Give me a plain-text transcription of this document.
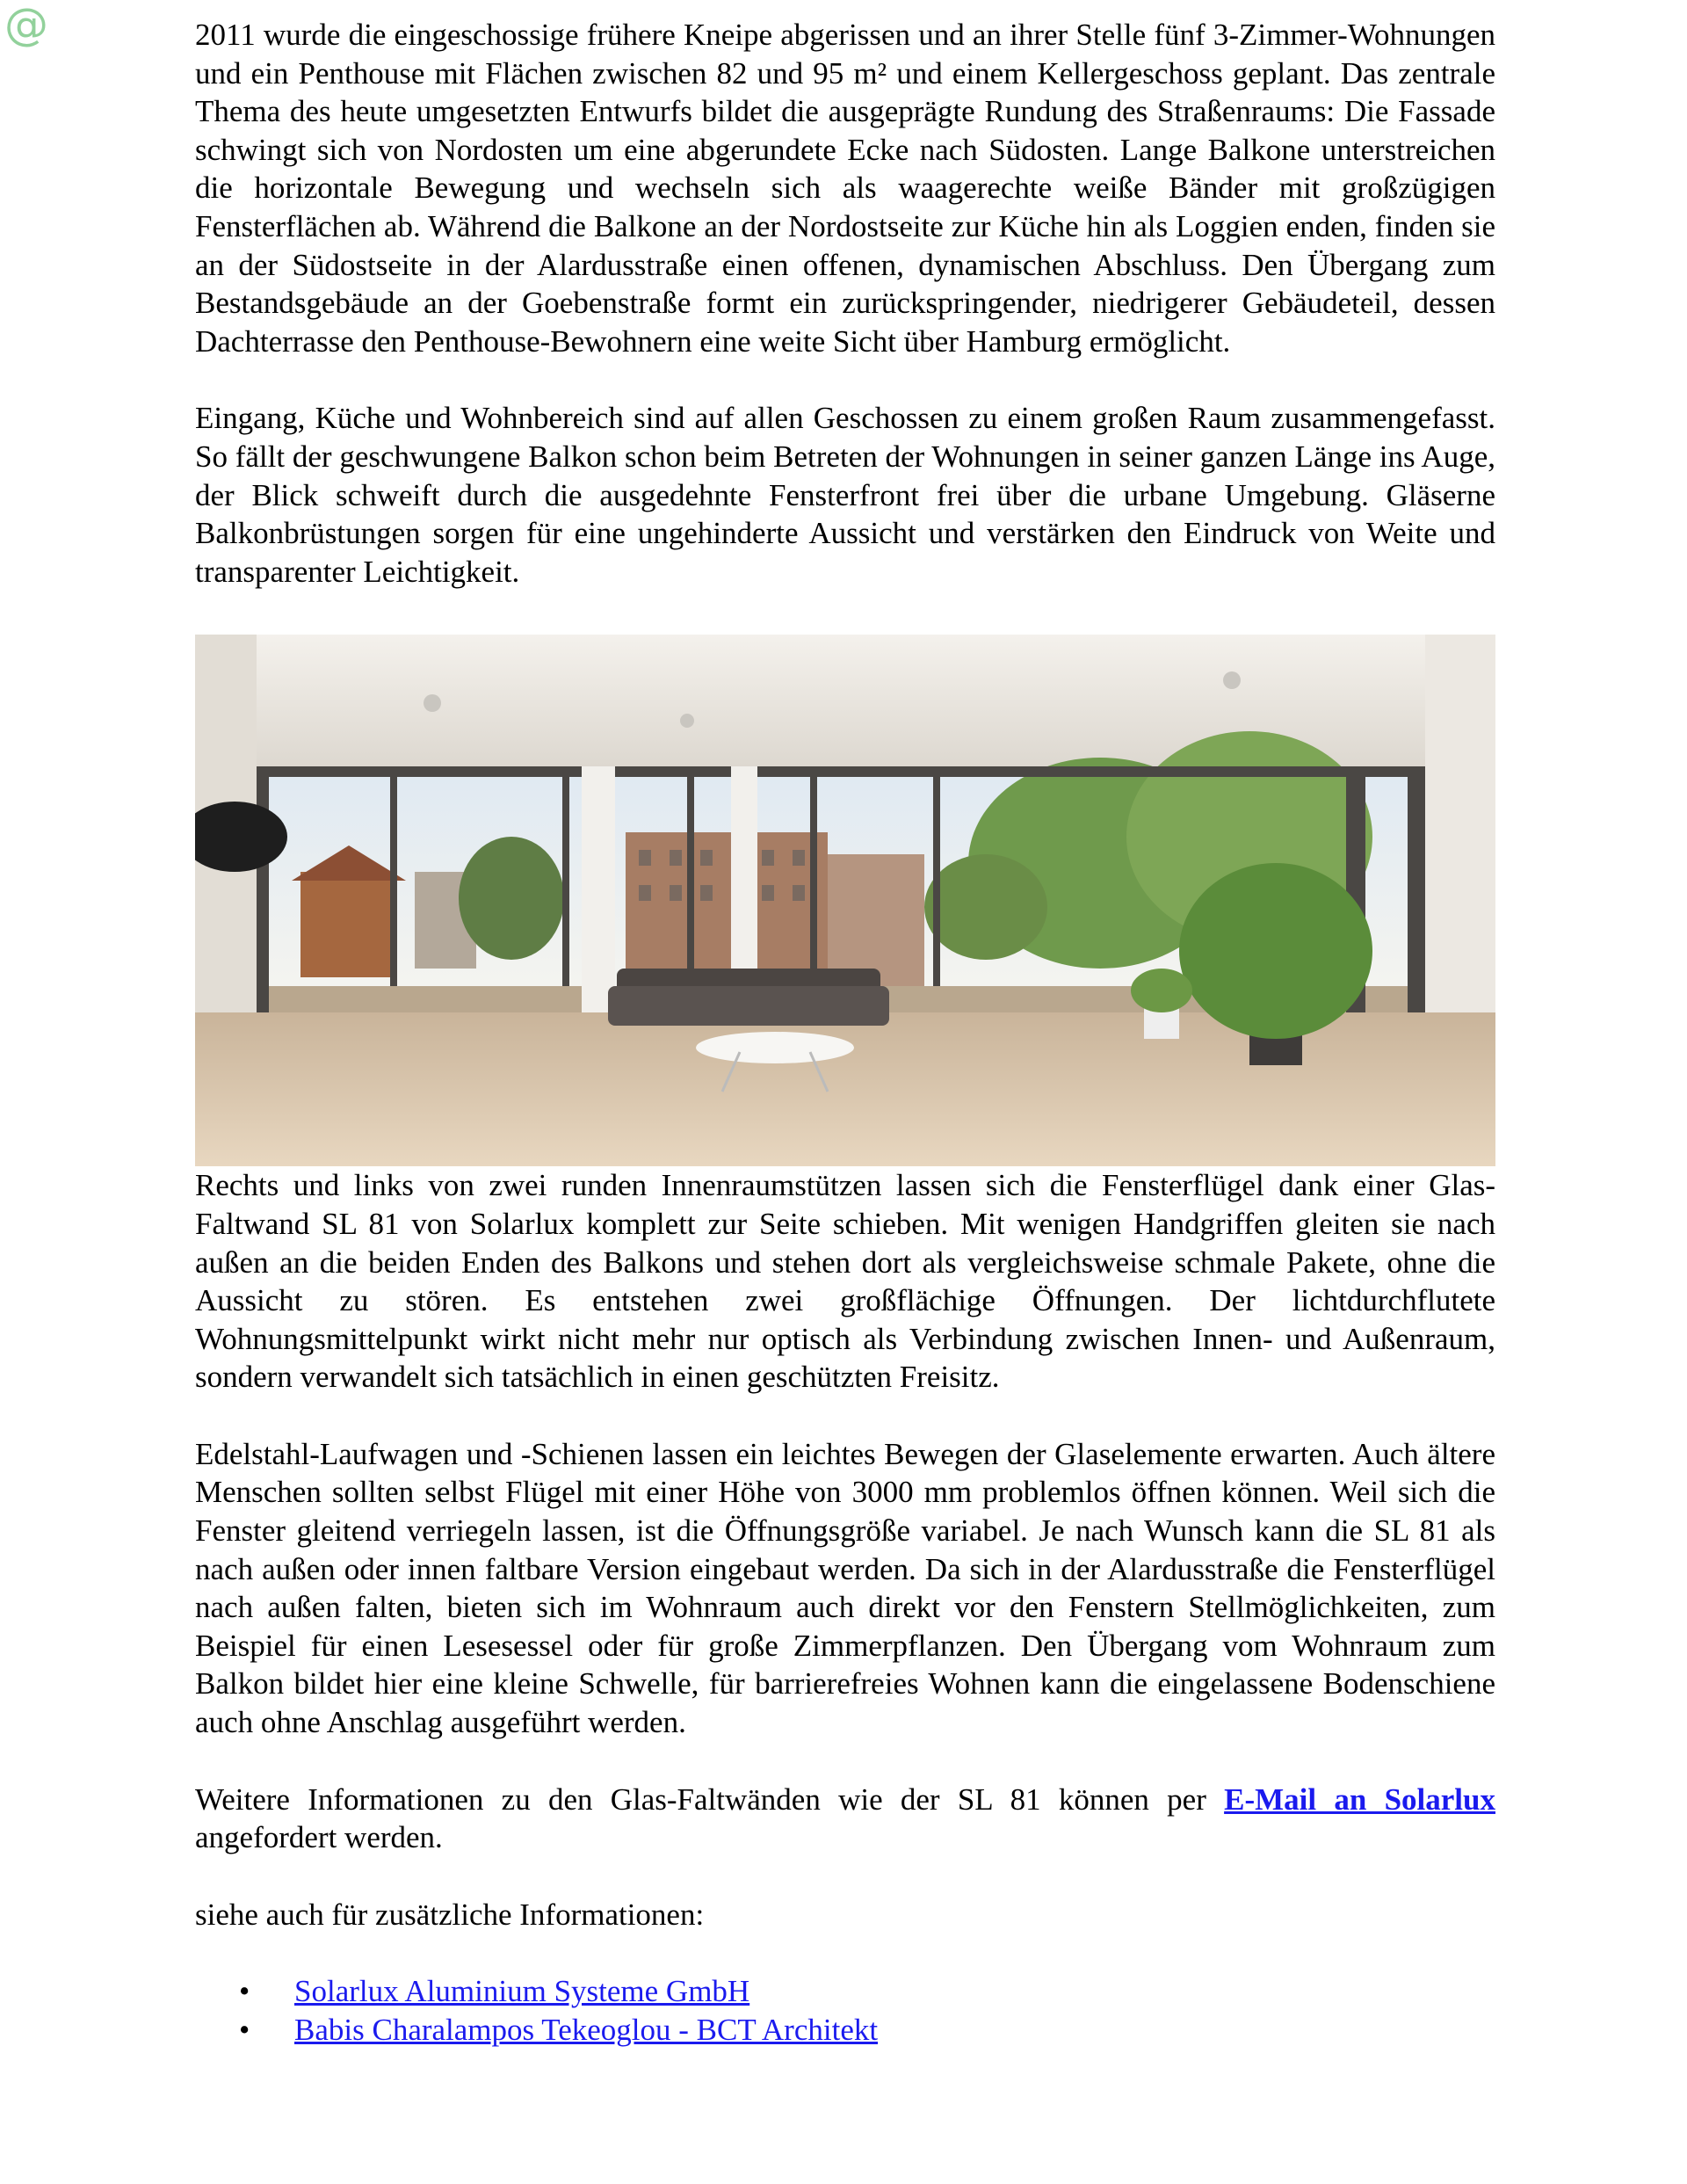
@	2011 wurde die eingeschossige frühere Kneipe abgerissen und an ihrer Stelle fünf 3-Zimmer-Wohnungen und ein Penthouse mit Flächen zwischen 82 und 95 m² und einem Kellergeschoss geplant. Das zentrale Thema des heute umgesetzten Entwurfs bildet die ausgeprägte Rundung des Straßenraums: Die Fassade schwingt sich von Nordosten um eine abgerundete Ecke nach Südosten. Lange Balkone unterstreichen die horizontale Bewegung und wechseln sich als waagerechte weiße Bänder mit großzügigen Fensterflächen ab. Während die Balkone an der Nordostseite zur Küche hin als Loggien enden, finden sie an der Südostseite in der Alardusstraße einen offenen, dynamischen Abschluss. Den Übergang zum Bestandsgebäude an der Goebenstraße formt ein zurückspringender, niedrigerer Gebäudeteil, dessen Dachterrasse den Penthouse-Bewohnern eine weite Sicht über Hamburg ermöglicht.

Eingang, Küche und Wohnbereich sind auf allen Geschossen zu einem großen Raum zusammengefasst. So fällt der geschwungene Balkon schon beim Betreten der Wohnungen in seiner ganzen Länge ins Auge, der Blick schweift durch die ausgedehnte Fensterfront frei über die urbane Umgebung. Gläserne Balkonbrüstungen sorgen für eine ungehinderte Aussicht und verstärken den Eindruck von Weite und transparenter Leichtigkeit.

Rechts und links von zwei runden Innenraumstützen lassen sich die Fensterflügel dank einer Glas-Faltwand SL 81 von Solarlux komplett zur Seite schieben. Mit wenigen Handgriffen gleiten sie nach außen an die beiden Enden des Balkons und stehen dort als vergleichsweise schmale Pakete, ohne die Aussicht zu stören. Es entstehen zwei großflächige Öffnungen. Der lichtdurchflutete Wohnungsmittelpunkt wirkt nicht mehr nur optisch als Verbindung zwischen Innen- und Außenraum, sondern verwandelt sich tatsächlich in einen geschützten Freisitz.

Edelstahl-Laufwagen und -Schienen lassen ein leichtes Bewegen der Glaselemente erwarten. Auch ältere Menschen sollten selbst Flügel mit einer Höhe von 3000 mm problemlos öffnen können. Weil sich die Fenster gleitend verriegeln lassen, ist die Öffnungsgröße variabel. Je nach Wunsch kann die SL 81 als nach außen oder innen faltbare Version eingebaut werden. Da sich in der Alardusstraße die Fensterflügel nach außen falten, bieten sich im Wohnraum auch direkt vor den Fenstern Stellmöglichkeiten, zum Beispiel für einen Lesesessel oder für große Zimmerpflanzen. Den Übergang vom Wohnraum zum Balkon bildet hier eine kleine Schwelle, für barrierefreies Wohnen kann die eingelassene Bodenschiene auch ohne Anschlag ausgeführt werden.

Weitere Informationen zu den Glas-Faltwänden wie der SL 81 können per E-Mail an Solarlux angefordert werden.

siehe auch für zusätzliche Informationen:

• Solarlux Aluminium Systeme GmbH
• Babis Charalampos Tekeoglou - BCT Architekt
